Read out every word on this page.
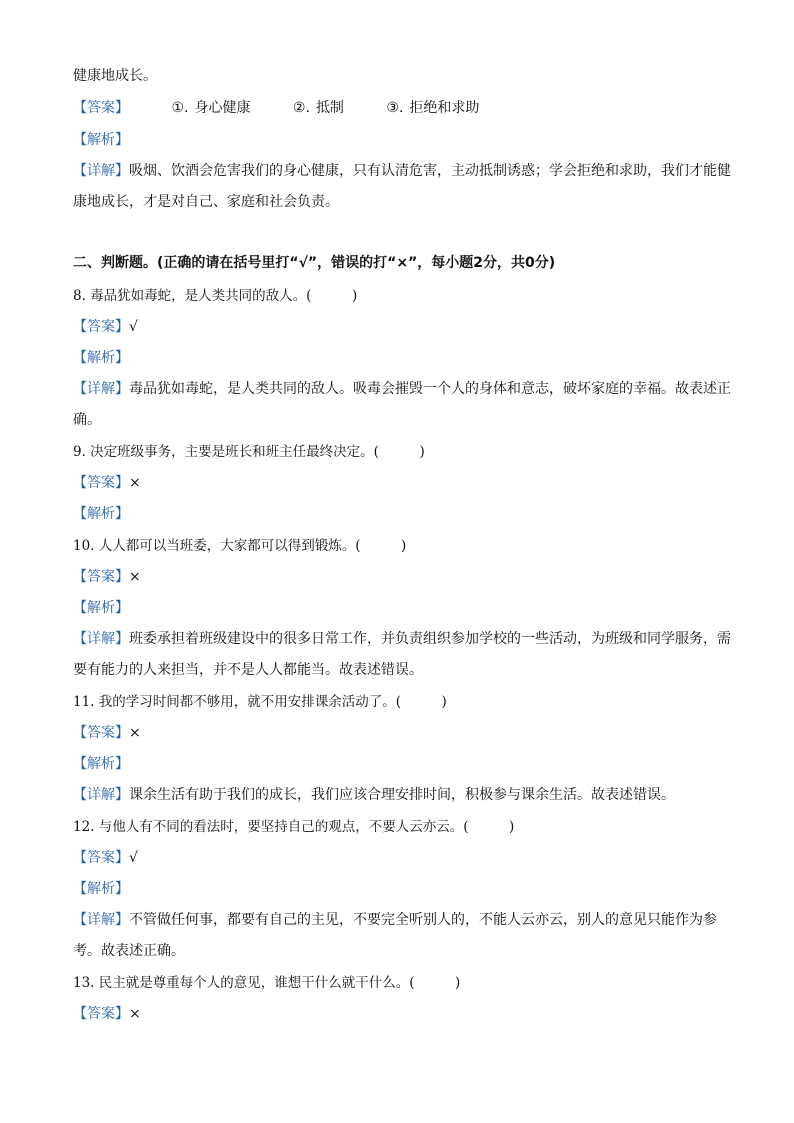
健康地成长。
【答案】	①. 身心健康	②. 抵制	③. 拒绝和求助
【解析】
【详解】吸烟、饮酒会危害我们的身心健康，只有认清危害，主动抵制诱惑；学会拒绝和求助，我们才能健康地成长，才是对自己、家庭和社会负责。
二、判断题。(正确的请在括号里打“√”，错误的打“×”，每小题2分，共0分)
8. 毒品犹如毒蛇，是人类共同的敌人。(　　　)
【答案】√
【解析】
【详解】毒品犹如毒蛇，是人类共同的敌人。吸毒会摧毁一个人的身体和意志，破坏家庭的幸福。故表述正确。
9. 决定班级事务，主要是班长和班主任最终决定。(　　　)
【答案】×
【解析】
10. 人人都可以当班委，大家都可以得到锻炼。(　　　)
【答案】×
【解析】
【详解】班委承担着班级建设中的很多日常工作，并负责组织参加学校的一些活动，为班级和同学服务，需要有能力的人来担当，并不是人人都能当。故表述错误。
11. 我的学习时间都不够用，就不用安排课余活动了。(　　　)
【答案】×
【解析】
【详解】课余生活有助于我们的成长，我们应该合理安排时间，积极参与课余生活。故表述错误。
12. 与他人有不同的看法时，要坚持自己的观点，不要人云亦云。(　　　)
【答案】√
【解析】
【详解】不管做任何事，都要有自己的主见，不要完全听别人的，不能人云亦云，别人的意见只能作为参考。故表述正确。
13. 民主就是尊重每个人的意见，谁想干什么就干什么。(　　　)
【答案】×
